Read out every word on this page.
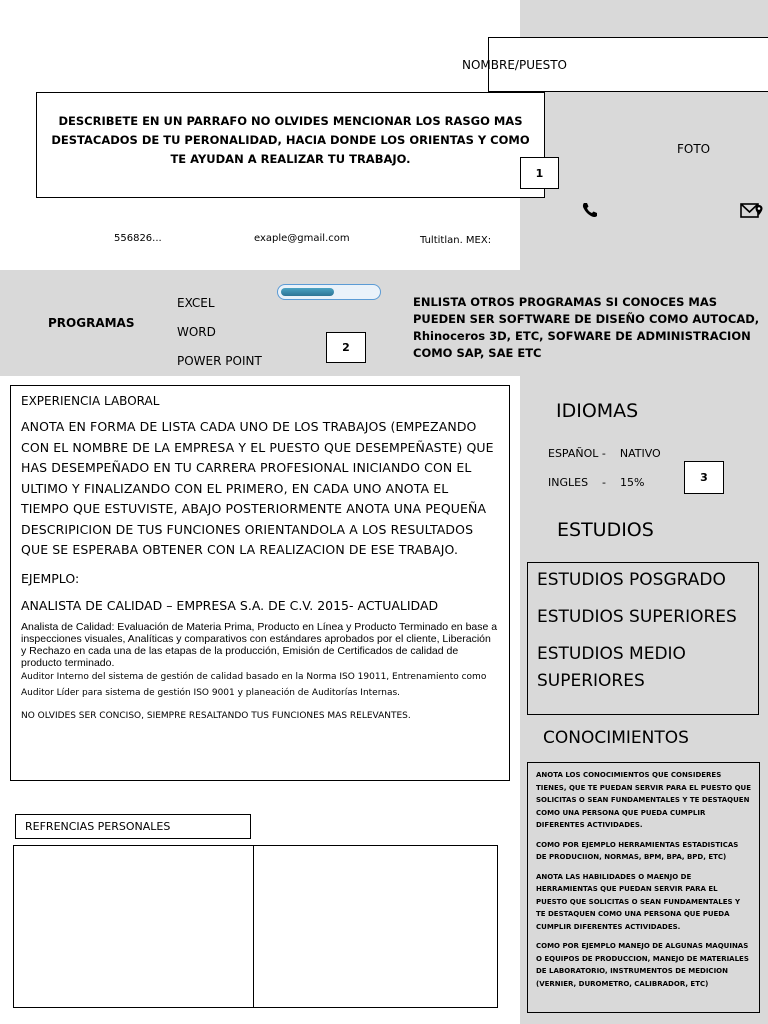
NOMBRE/PUESTO
DESCRIBETE EN UN PARRAFO NO OLVIDES MENCIONAR LOS RASGO MAS DESTACADOS DE TU PERONALIDAD, HACIA DONDE LOS ORIENTAS Y COMO TE AYUDAN A REALIZAR TU TRABAJO.
1
FOTO
556826...	exaple@gmail.com	Tultitlan. MEX:
PROGRAMAS
EXCEL
WORD
POWER POINT
2
ENLISTA OTROS PROGRAMAS SI CONOCES MAS PUEDEN SER SOFTWARE DE DISEÑO COMO AUTOCAD, Rhinoceros 3D, ETC, SOFWARE DE ADMINISTRACION COMO SAP, SAE ETC
EXPERIENCIA LABORAL
ANOTA EN FORMA DE LISTA CADA UNO DE LOS TRABAJOS (EMPEZANDO CON EL NOMBRE DE LA EMPRESA Y EL PUESTO QUE DESEMPEÑASTE) QUE HAS DESEMPEÑADO EN TU CARRERA PROFESIONAL INICIANDO CON EL ULTIMO Y FINALIZANDO CON EL PRIMERO, EN CADA UNO ANOTA EL TIEMPO QUE ESTUVISTE, ABAJO POSTERIORMENTE ANOTA UNA PEQUEÑA DESCRIPICION DE TUS FUNCIONES ORIENTANDOLA A LOS RESULTADOS QUE SE ESPERABA OBTENER CON LA REALIZACION DE ESE TRABAJO.
EJEMPLO:
ANALISTA DE CALIDAD – EMPRESA S.A. DE C.V. 2015- ACTUALIDAD
Analista de Calidad: Evaluación de Materia Prima, Producto en Línea y Producto Terminado en base a inspecciones visuales, Analíticas y comparativos con estándares aprobados por el cliente, Liberación y Rechazo en cada una de las etapas de la producción, Emisión de Certificados de calidad de producto terminado.
Auditor Interno del sistema de gestión de calidad basado en la Norma ISO 19011, Entrenamiento como Auditor Líder para sistema de gestión ISO 9001 y planeación de Auditorías Internas.
NO OLVIDES SER CONCISO, SIEMPRE RESALTANDO TUS FUNCIONES MAS RELEVANTES.
REFRENCIAS PERSONALES
IDIOMAS
ESPAÑOL -    NATIVO
INGLES    -    15%	3
ESTUDIOS
ESTUDIOS POSGRADO
ESTUDIOS SUPERIORES
ESTUDIOS MEDIO SUPERIORES
CONOCIMIENTOS
ANOTA LOS CONOCIMIENTOS QUE CONSIDERES TIENES, QUE TE PUEDAN SERVIR PARA EL PUESTO QUE SOLICITAS O SEAN FUNDAMENTALES Y TE DESTAQUEN COMO UNA PERSONA QUE PUEDA CUMPLIR DIFERENTES ACTIVIDADES.
COMO POR EJEMPLO HERRAMIENTAS ESTADISTICAS DE PRODUCIION, NORMAS, BPM, BPA, BPD, ETC)
ANOTA LAS HABILIDADES O MAENJO DE HERRAMIENTAS QUE PUEDAN SERVIR PARA EL PUESTO QUE SOLICITAS O SEAN FUNDAMENTALES Y TE DESTAQUEN COMO UNA PERSONA QUE PUEDA CUMPLIR DIFERENTES ACTIVIDADES.
COMO POR EJEMPLO MANEJO DE ALGUNAS MAQUINAS O EQUIPOS DE PRODUCCION, MANEJO DE MATERIALES DE LABORATORIO, INSTRUMENTOS DE MEDICION (VERNIER, DUROMETRO, CALIBRADOR, ETC)
